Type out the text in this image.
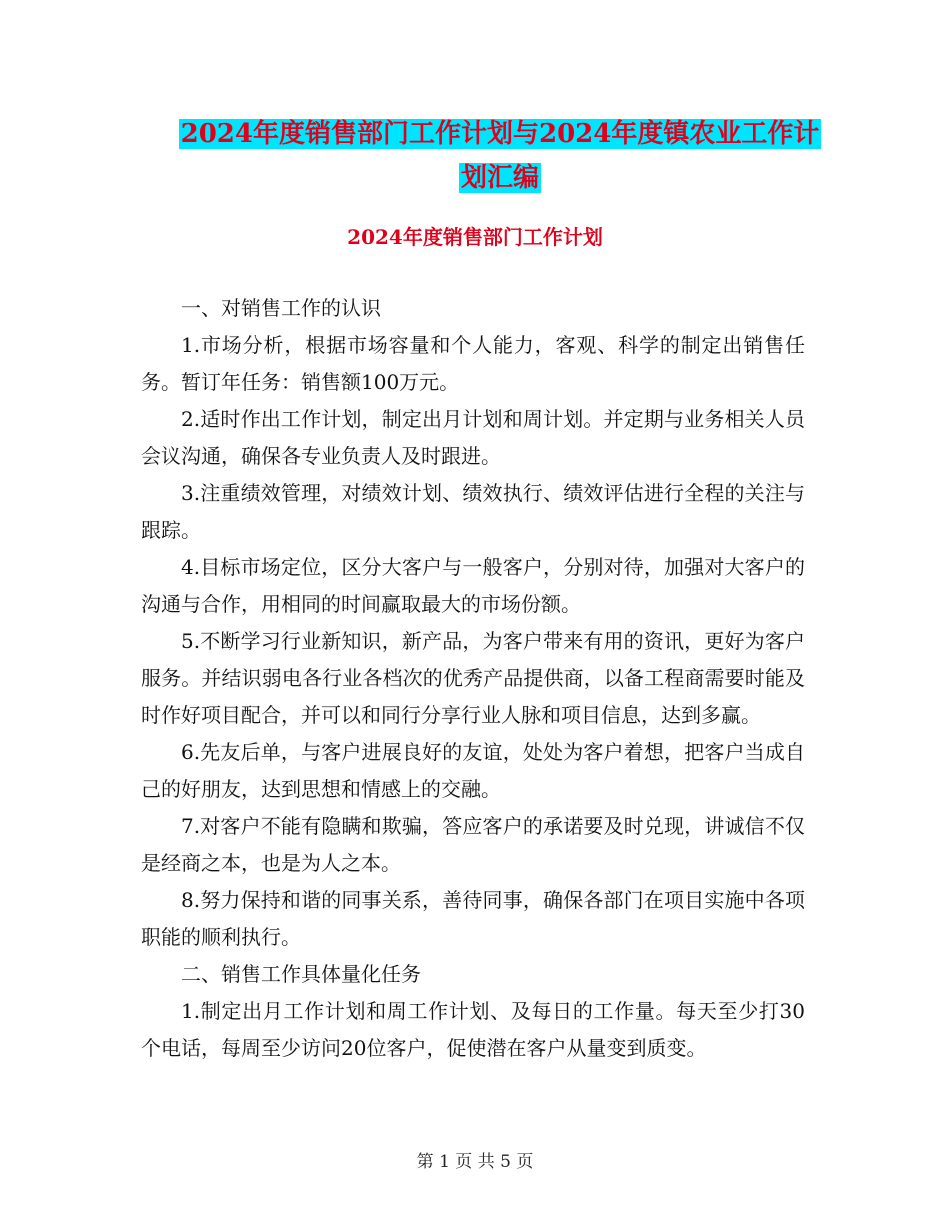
2024年度销售部门工作计划与2024年度镇农业工作计
划汇编
2024年度销售部门工作计划

一、对销售工作的认识

1.市场分析，根据市场容量和个人能力，客观、科学的制定出销售任务。暂订年任务：销售额100万元。

2.适时作出工作计划，制定出月计划和周计划。并定期与业务相关人员会议沟通，确保各专业负责人及时跟进。

3.注重绩效管理，对绩效计划、绩效执行、绩效评估进行全程的关注与跟踪。

4.目标市场定位，区分大客户与一般客户，分别对待，加强对大客户的沟通与合作，用相同的时间赢取最大的市场份额。

5.不断学习行业新知识，新产品，为客户带来有用的资讯，更好为客户服务。并结识弱电各行业各档次的优秀产品提供商，以备工程商需要时能及时作好项目配合，并可以和同行分享行业人脉和项目信息，达到多赢。

6.先友后单，与客户进展良好的友谊，处处为客户着想，把客户当成自己的好朋友，达到思想和情感上的交融。

7.对客户不能有隐瞒和欺骗，答应客户的承诺要及时兑现，讲诚信不仅是经商之本，也是为人之本。

8.努力保持和谐的同事关系，善待同事，确保各部门在项目实施中各项职能的顺利执行。

二、销售工作具体量化任务

1.制定出月工作计划和周工作计划、及每日的工作量。每天至少打30个电话，每周至少访问20位客户，促使潜在客户从量变到质变。

第 1 页 共 5 页
